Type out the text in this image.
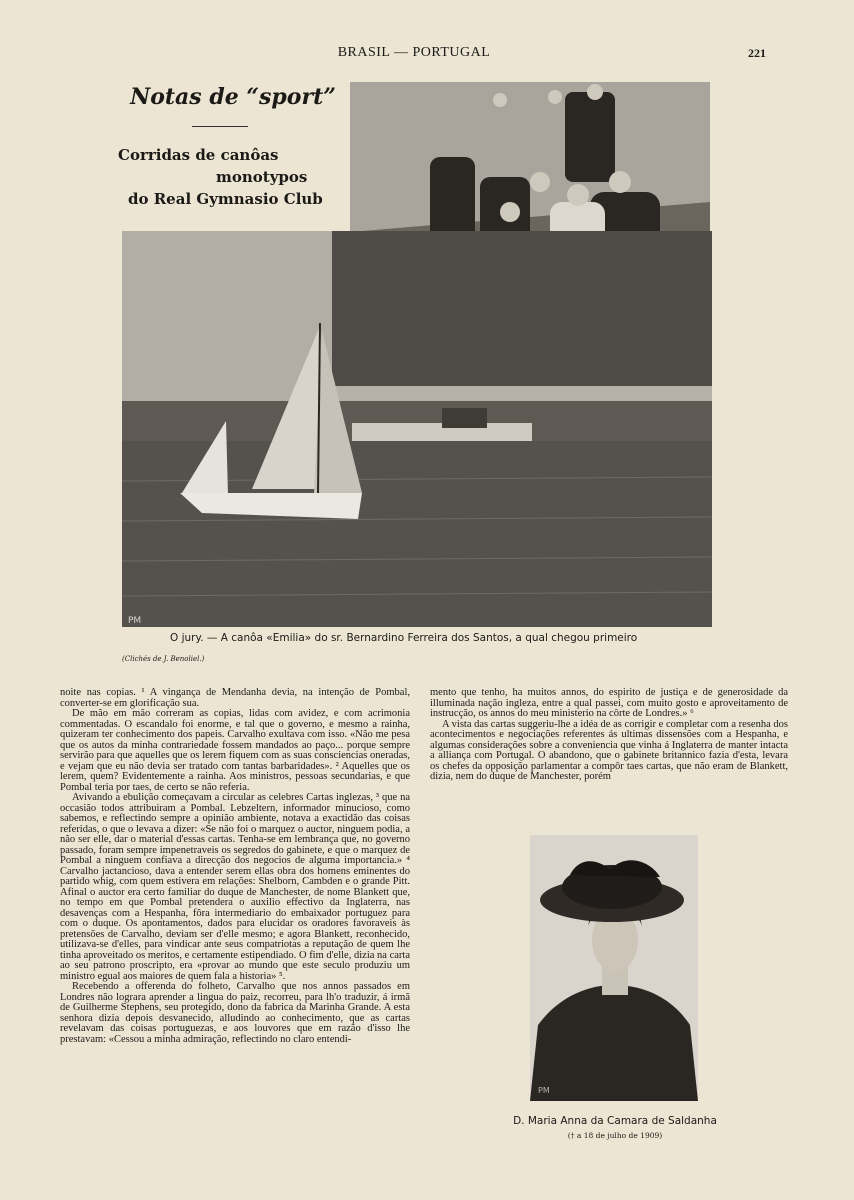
BRASIL — PORTUGAL	221
Notas de “sport”
Corridas de canôas
monotypos
do Real Gymnasio Club
PM
O jury. — A canôa «Emilia» do sr. Bernardino Ferreira dos Santos, a qual chegou primeiro
(Clichés de J. Benoliel.)

noite nas copias. ¹ A vingança de Mendanha devia, na intenção de Pombal, converter-se em glorificação sua.

De mão em mão correram as copias, lidas com avidez, e com acrimonia commentadas. O escandalo foi enorme, e tal que o governo, e mesmo a rainha, quizeram ter conhecimento dos papeis. Carvalho exultava com isso. «Não me pesa que os autos da minha contrariedade fossem mandados ao paço... porque sempre servirão para que aquelles que os lerem fiquem com as suas consciencias oneradas, e vejam que eu não devia ser tratado com tantas barbaridades». ² Aquelles que os lerem, quem? Evidentemente a rainha. Aos ministros, pessoas secundarias, e que Pombal teria por taes, de certo se não referia.

Avivando a ebulição começavam a circular as celebres Cartas inglezas, ³ que na occasião todos attribuiram a Pombal. Lebzeltern, informador minucioso, como sabemos, e reflectindo sempre a opinião ambiente, notava a exactidão das coisas referidas, o que o levava a dizer: «Se não foi o marquez o auctor, ninguem podia, a não ser elle, dar o material d'essas cartas. Tenha-se em lembrança que, no governo passado, foram sempre impenetraveis os segredos do gabinete, e que o marquez de Pombal a ninguem confiava a direcção dos negocios de alguma importancia.» ⁴ Carvalho jactancioso, dava a entender serem ellas obra dos homens eminentes do partido whig, com quem estivera em relações: Shelborn, Cambden e o grande Pitt. Afinal o auctor era certo familiar do duque de Manchester, de nome Blankett que, no tempo em que Pombal pretendera o auxilio effectivo da Inglaterra, nas desavenças com a Hespanha, fôra intermediario do embaixador portuguez para com o duque. Os apontamentos, dados para elucidar os oradores favoraveis às pretensões de Carvalho, deviam ser d'elle mesmo; e agora Blankett, reconhecido, utilizava-se d'elles, para vindicar ante seus compatriotas a reputação de quem lhe tinha aproveitado os meritos, e certamente estipendiado. O fim d'elle, dizia na carta ao seu patrono proscripto, era «provar ao mundo que este seculo produziu um ministro egual aos maiores de quem fala a historia» ⁵.

Recebendo a offerenda do folheto, Carvalho que nos annos passados em Londres não lograra aprender a lingua do paiz, recorreu, para lh'o traduzir, á irmã de Guilherme Stephens, seu protegido, dono da fabrica da Marinha Grande. A esta senhora dizia depois desvanecido, alludindo ao conhecimento, que as cartas revelavam das coisas portuguezas, e aos louvores que em razão d'isso lhe prestavam: «Cessou a minha admiração, reflectindo no claro entendi-

mento que tenho, ha muitos annos, do espirito de justiça e de generosidade da illuminada nação ingleza, entre a qual passei, com muito gosto e aproveitamento de instrucção, os annos do meu ministerio na côrte de Londres.» ⁶

A vista das cartas suggeriu-lhe a idéa de as corrigir e completar com a resenha dos acontecimentos e negociações referentes ás ultimas dissensões com a Hespanha, e algumas considerações sobre a conveniencia que vinha á Inglaterra de manter intacta a alliança com Portugal. O abandono, que o gabinete britannico fazia d'esta, levara os chefes da opposição parlamentar a compôr taes cartas, que não eram de Blankett, dizia, nem do duque de Manchester, porém

PM
D. Maria Anna da Camara de Saldanha
(† a 18 de julho de 1909)
